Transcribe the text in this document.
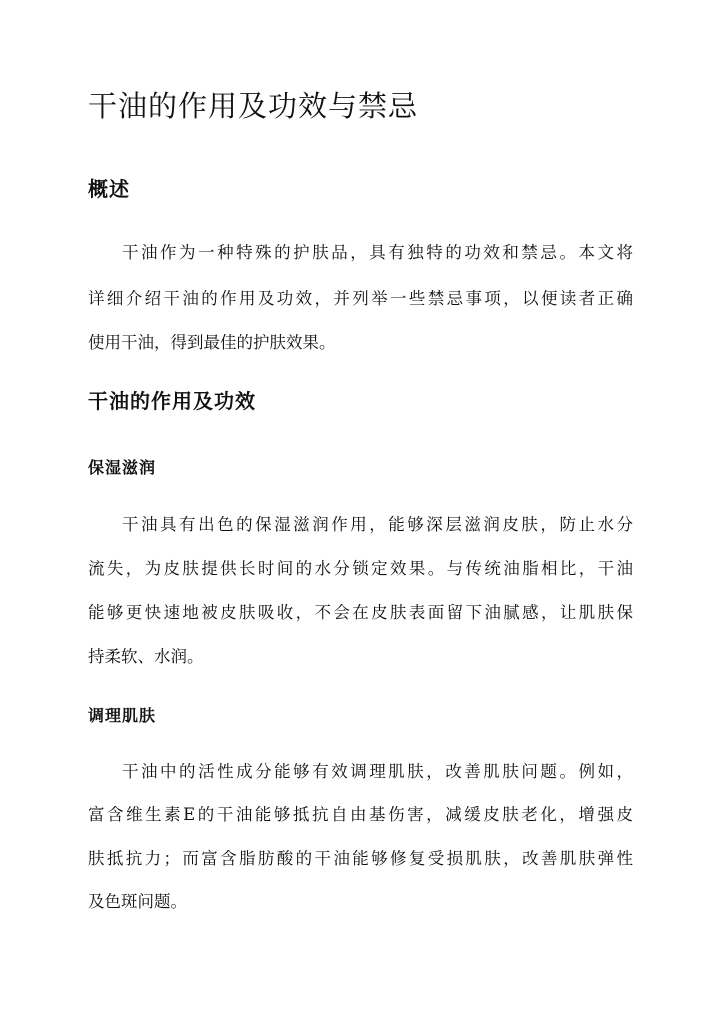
干油的作用及功效与禁忌
概述

干油作为一种特殊的护肤品，具有独特的功效和禁忌。本文将

详细介绍干油的作用及功效，并列举一些禁忌事项，以便读者正确

使用干油，得到最佳的护肤效果。

干油的作用及功效
保湿滋润

干油具有出色的保湿滋润作用，能够深层滋润皮肤，防止水分

流失，为皮肤提供长时间的水分锁定效果。与传统油脂相比，干油

能够更快速地被皮肤吸收，不会在皮肤表面留下油腻感，让肌肤保

持柔软、水润。

调理肌肤

干油中的活性成分能够有效调理肌肤，改善肌肤问题。例如，

富含维生素E的干油能够抵抗自由基伤害，减缓皮肤老化，增强皮

肤抵抗力；而富含脂肪酸的干油能够修复受损肌肤，改善肌肤弹性

及色斑问题。
